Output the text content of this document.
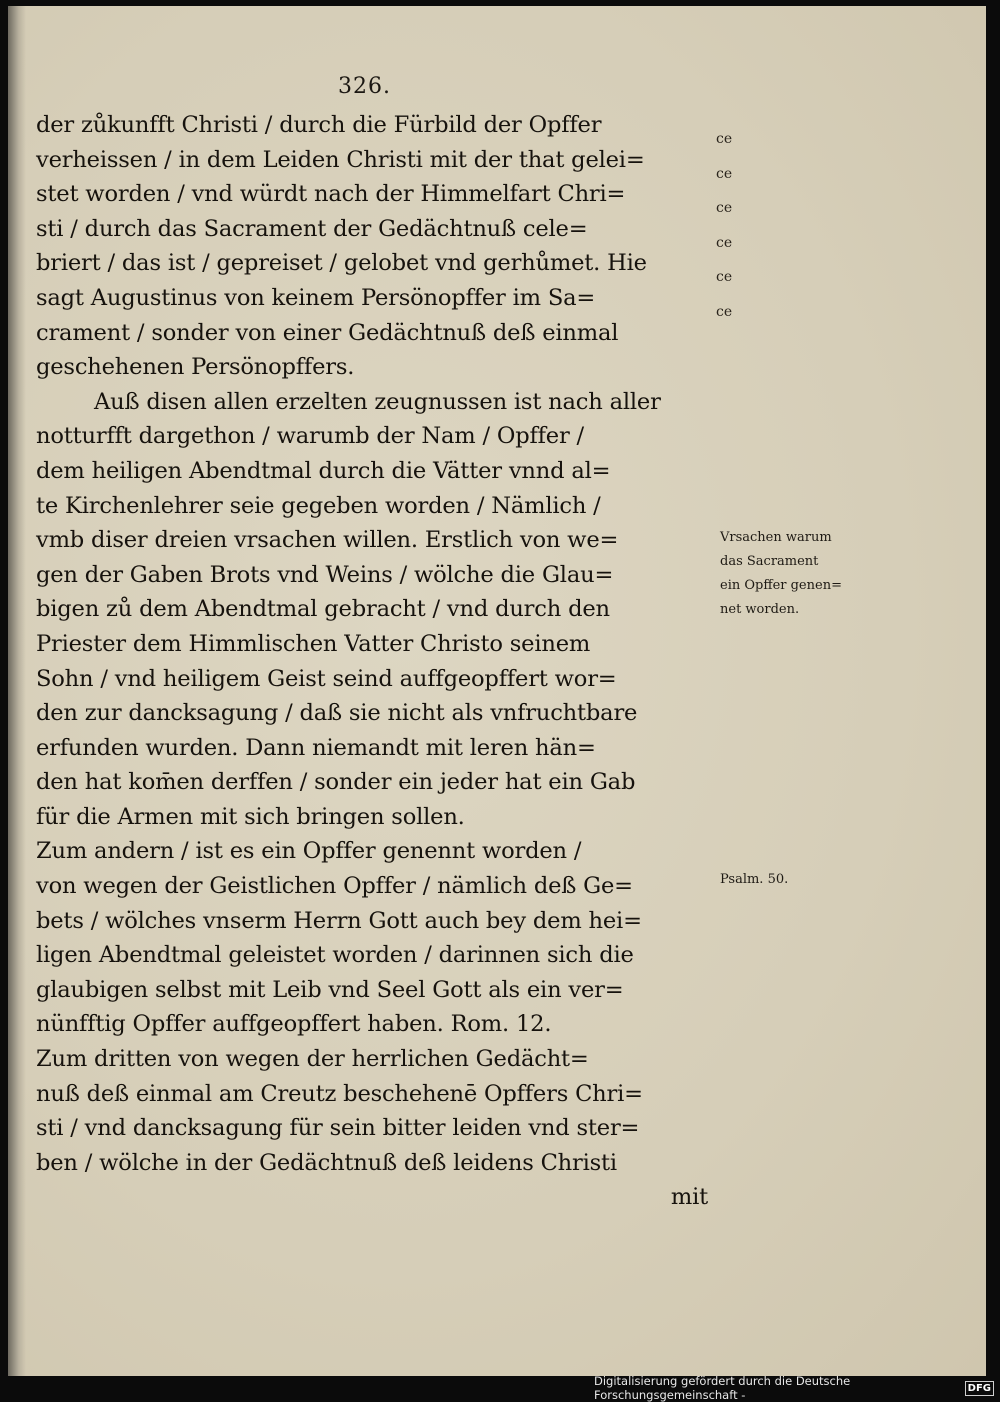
326.
der zůkunfft Christi / durch die Fürbild der Opffer
verheissen / in dem Leiden Christi mit der that gelei=
stet worden / vnd würdt nach der Himmelfart Chri=
sti / durch das Sacrament der Gedächtnuß cele=
briert / das ist / gepreiset / gelobet vnd gerhůmet. Hie
sagt Augustinus von keinem Persönopffer im Sa=
crament / sonder von einer Gedächtnuß deß einmal
geschehenen Persönopffers.
Auß disen allen erzelten zeugnussen ist nach aller
notturfft dargethon / warumb der Nam / Opffer /
dem heiligen Abendtmal durch die Vätter vnnd al=
te Kirchenlehrer seie gegeben worden / Nämlich /
vmb diser dreien vrsachen willen. Erstlich von we=
gen der Gaben Brots vnd Weins / wölche die Glau=
bigen zů dem Abendtmal gebracht / vnd durch den
Priester dem Himmlischen Vatter Christo seinem
Sohn / vnd heiligem Geist seind auffgeopffert wor=
den zur dancksagung / daß sie nicht als vnfruchtbare
erfunden wurden. Dann niemandt mit leren hän=
den hat kom̄en derffen / sonder ein jeder hat ein Gab
für die Armen mit sich bringen sollen.
Zum andern / ist es ein Opffer genennt worden /
von wegen der Geistlichen Opffer / nämlich deß Ge=
bets / wölches vnserm Herrn Gott auch bey dem hei=
ligen Abendtmal geleistet worden / darinnen sich die
glaubigen selbst mit Leib vnd Seel Gott als ein ver=
nünfftig Opffer auffgeopffert haben. Rom. 12.
Zum dritten von wegen der herrlichen Gedächt=
nuß deß einmal am Creutz beschehenē Opffers Chri=
sti / vnd dancksagung für sein bitter leiden vnd ster=
ben / wölche in der Gedächtnuß deß leidens Christi
mit
ce
ce
ce
ce
ce
ce
Vrsachen warum
das Sacrament
ein Opffer genen=
net worden.
Psalm. 50.
Digitalisierung gefördert durch die Deutsche Forschungsgemeinschaft -	DFG
